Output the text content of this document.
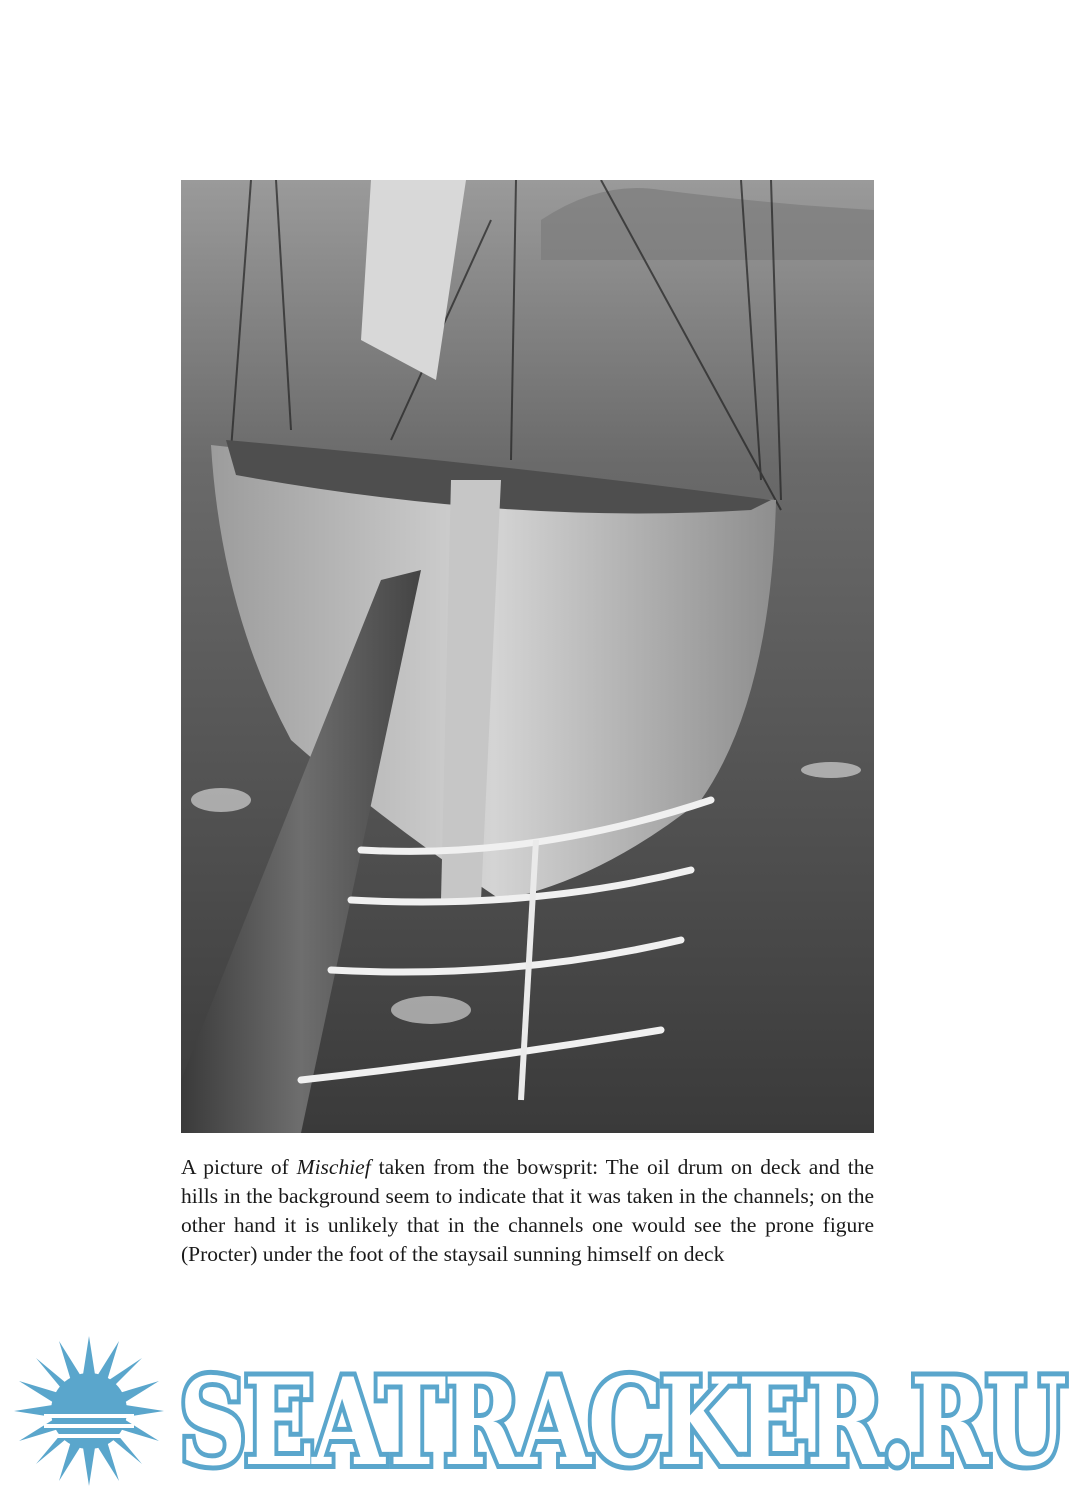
A picture of Mischief taken from the bowsprit: The oil drum on deck and the hills in the background seem to indicate that it was taken in the channels; on the other hand it is unlikely that in the channels one would see the prone figure (Procter) under the foot of the staysail sunning himself on deck

SEATRACKER.RU
